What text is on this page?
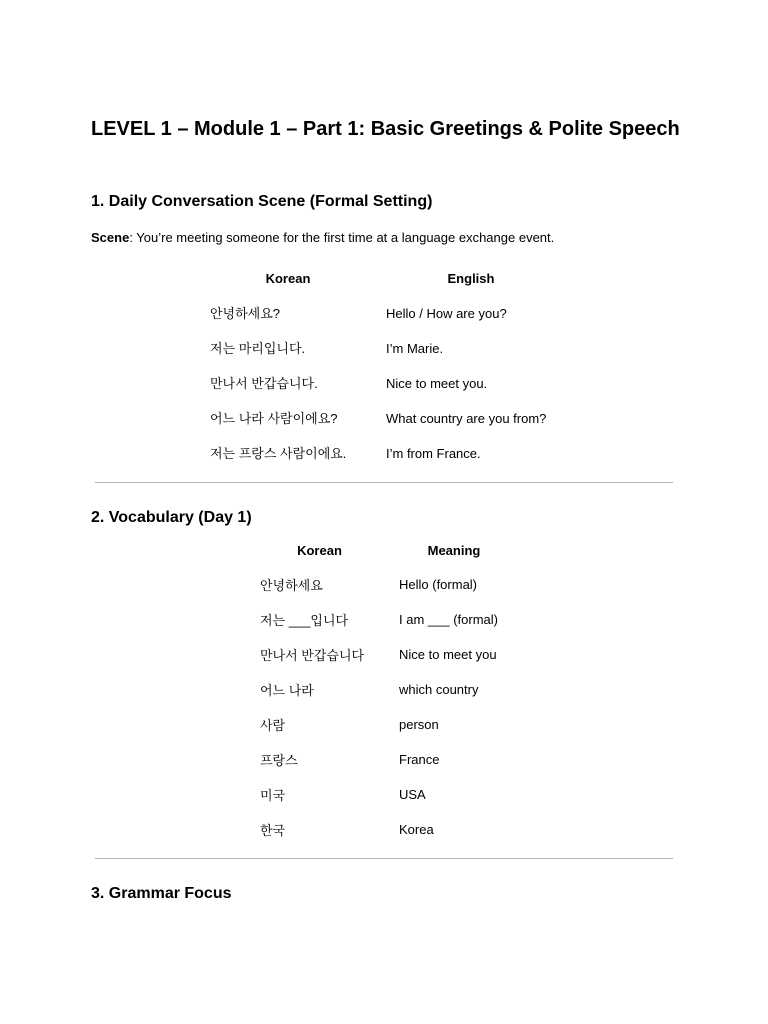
LEVEL 1 – Module 1 – Part 1: Basic Greetings & Polite Speech
1. Daily Conversation Scene (Formal Setting)

Scene: You’re meeting someone for the first time at a language exchange event.

Korean	English
안녕하세요?	Hello / How are you?
저는 마리입니다.	I’m Marie.
만나서 반갑습니다.	Nice to meet you.
어느 나라 사람이에요?	What country are you from?
저는 프랑스 사람이에요.	I’m from France.
2. Vocabulary (Day 1)
Korean	Meaning
안녕하세요	Hello (formal)
저는 ___입니다	I am ___ (formal)
만나서 반갑습니다	Nice to meet you
어느 나라	which country
사람	person
프랑스	France
미국	USA
한국	Korea
3. Grammar Focus
